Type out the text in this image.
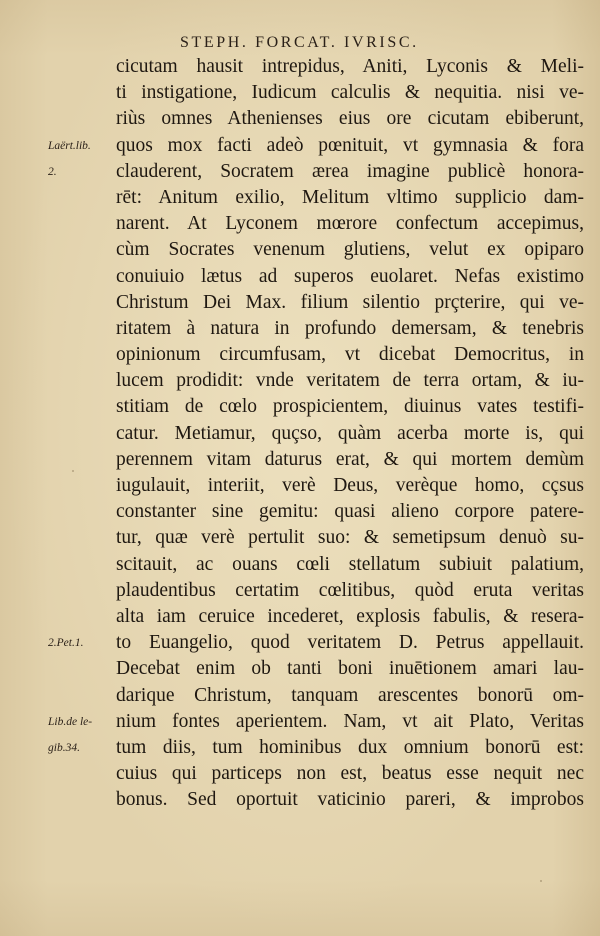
STEPH. FORCAT. IVRISC.
cicutam hausit intrepidus, Aniti, Lyconis & Meli-
ti instigatione, Iudicum calculis & nequitia. nisi ve-
riùs omnes Athenienses eius ore cicutam ebiberunt,
quos mox facti adeò pœnituit, vt gymnasia & fora
clauderent, Socratem ærea imagine publicè honora-
rēt: Anitum exilio, Melitum vltimo supplicio dam-
narent. At Lyconem mœrore confectum accepimus,
cùm Socrates venenum glutiens, velut ex opiparo
conuiuio lætus ad superos euolaret. Nefas existimo
Christum Dei Max. filium silentio prçterire, qui ve-
ritatem à natura in profundo demersam, & tenebris
opinionum circumfusam, vt dicebat Democritus, in
lucem prodidit: vnde veritatem de terra ortam, & iu-
stitiam de cœlo prospicientem, diuinus vates testifi-
catur. Metiamur, quçso, quàm acerba morte is, qui
perennem vitam daturus erat, & qui mortem demùm
iugulauit, interiit, verè Deus, verèque homo, cçsus
constanter sine gemitu: quasi alieno corpore patere-
tur, quæ verè pertulit suo: & semetipsum denuò su-
scitauit, ac ouans cœli stellatum subiuit palatium,
plaudentibus certatim cœlitibus, quòd eruta veritas
alta iam ceruice incederet, explosis fabulis, & resera-
to Euangelio, quod veritatem D. Petrus appellauit.
Decebat enim ob tanti boni inuētionem amari lau-
darique Christum, tanquam arescentes bonorū om-
nium fontes aperientem. Nam, vt ait Plato, Veritas
tum diis, tum hominibus dux omnium bonorū est:
cuius qui particeps non est, beatus esse nequit nec
bonus. Sed oportuit vaticinio pareri, & improbos
Laërt.lib.
2.
2.Pet.1.
Lib.de le-
gib.34.
